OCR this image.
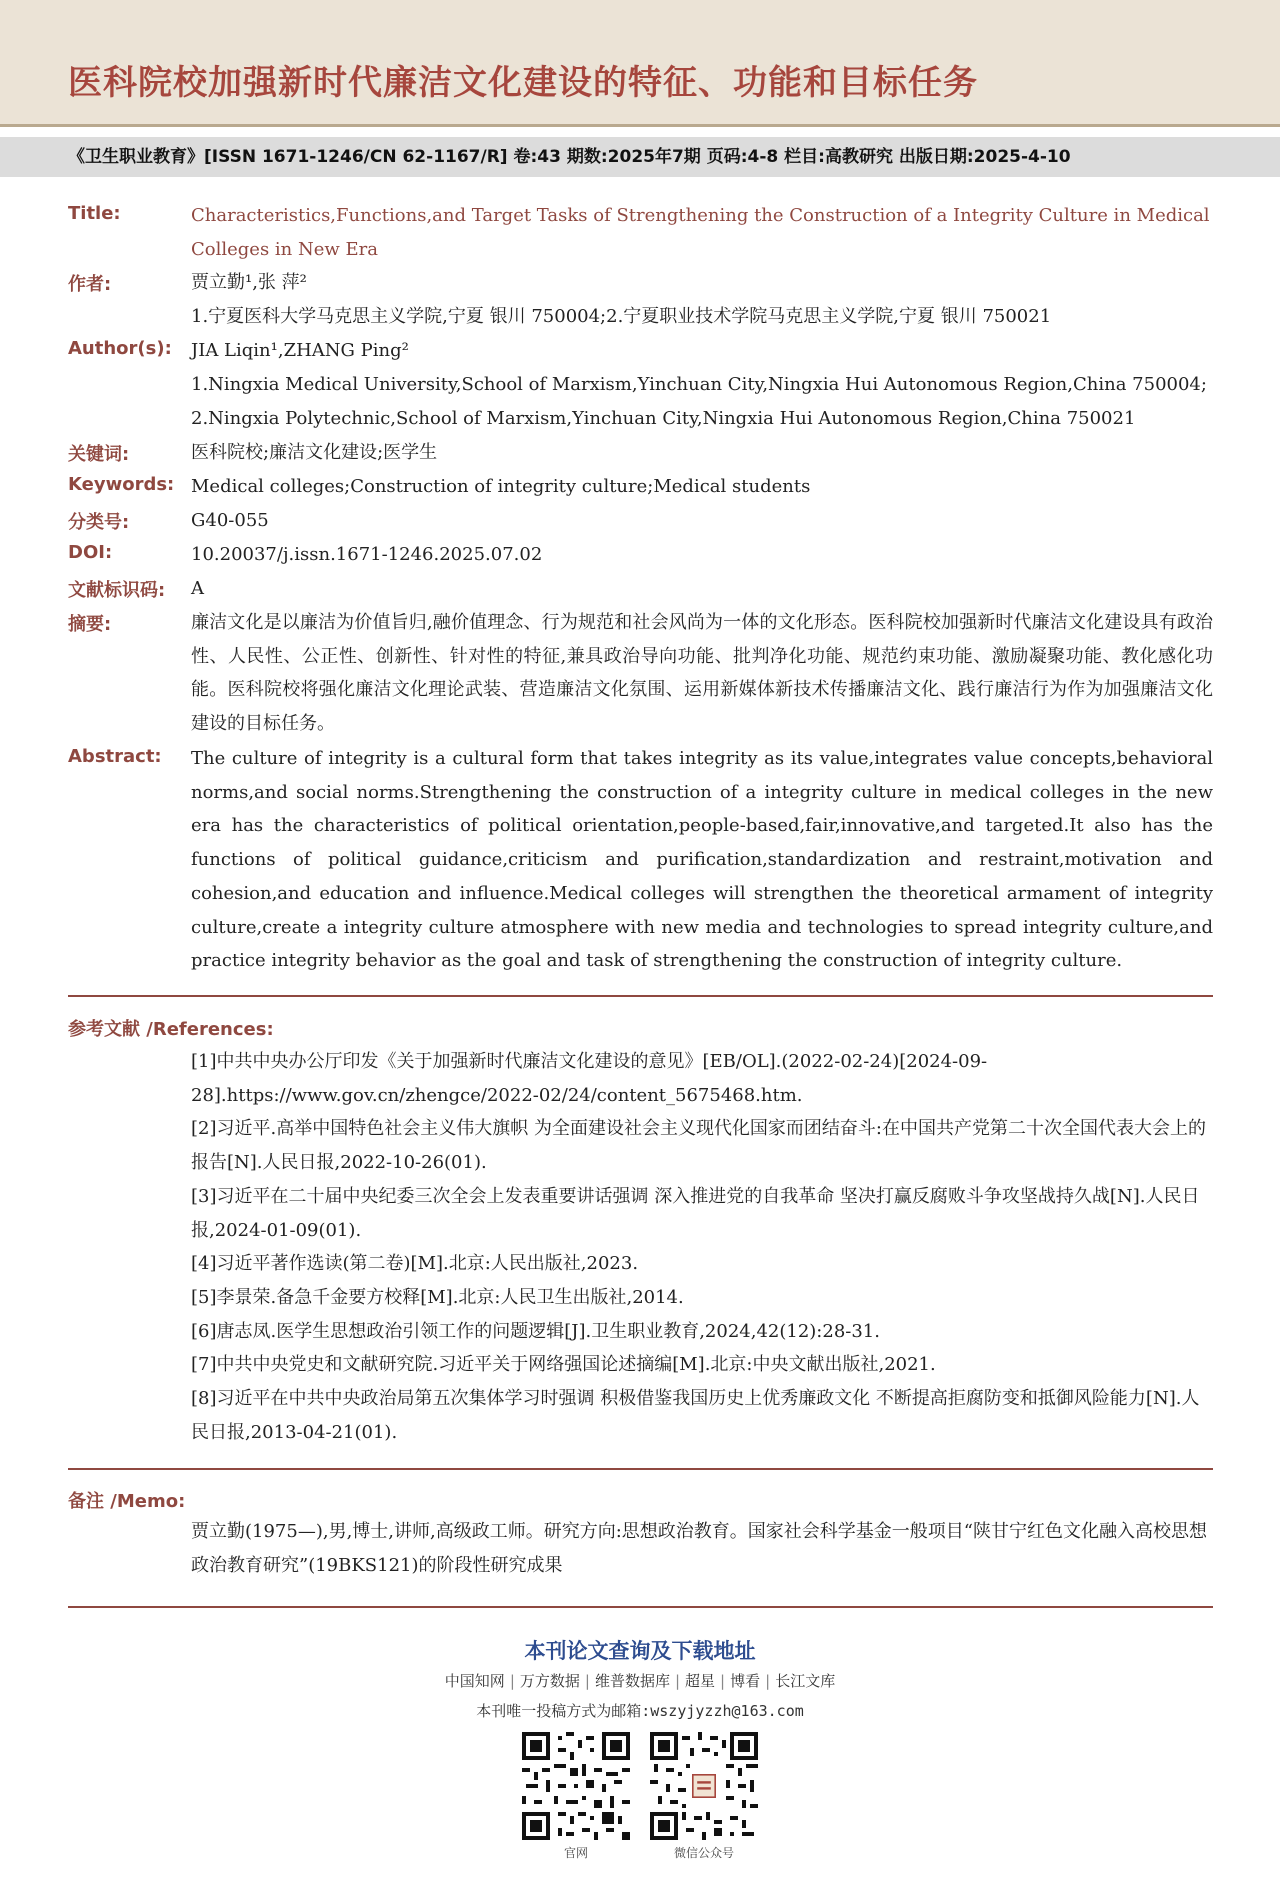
医科院校加强新时代廉洁文化建设的特征、功能和目标任务
《卫生职业教育》[ISSN 1671-1246/CN 62-1167/R] 卷:43 期数:2025年7期 页码:4-8 栏目:高教研究 出版日期:2025-4-10
Title:	Characteristics,Functions,and Target Tasks of Strengthening the Construction of a Integrity Culture in Medical Colleges in New Era
作者:	贾立勤¹,张 萍²
1.宁夏医科大学马克思主义学院,宁夏 银川 750004;2.宁夏职业技术学院马克思主义学院,宁夏 银川 750021
Author(s): JIA Liqin¹,ZHANG Ping²
1.Ningxia Medical University,School of Marxism,Yinchuan City,Ningxia Hui Autonomous Region,China 750004; 2.Ningxia Polytechnic,School of Marxism,Yinchuan City,Ningxia Hui Autonomous Region,China 750021
关键词:	医科院校;廉洁文化建设;医学生
Keywords: Medical colleges;Construction of integrity culture;Medical students
分类号:	G40-055
DOI:	10.20037/j.issn.1671-1246.2025.07.02
文献标识码: A
摘要:	廉洁文化是以廉洁为价值旨归,融价值理念、行为规范和社会风尚为一体的文化形态。医科院校加强新时代廉洁文化建设具有政治性、人民性、公正性、创新性、针对性的特征,兼具政治导向功能、批判净化功能、规范约束功能、激励凝聚功能、教化感化功能。医科院校将强化廉洁文化理论武装、营造廉洁文化氛围、运用新媒体新技术传播廉洁文化、践行廉洁行为作为加强廉洁文化建设的目标任务。
Abstract: The culture of integrity is a cultural form that takes integrity as its value,integrates value concepts,behavioral norms,and social norms.Strengthening the construction of a integrity culture in medical colleges in the new era has the characteristics of political orientation,people-based,fair,innovative,and targeted.It also has the functions of political guidance,criticism and purification,standardization and restraint,motivation and cohesion,and education and influence.Medical colleges will strengthen the theoretical armament of integrity culture,create a integrity culture atmosphere with new media and technologies to spread integrity culture,and practice integrity behavior as the goal and task of strengthening the construction of integrity culture.
参考文献 /References:
[1]中共中央办公厅印发《关于加强新时代廉洁文化建设的意见》[EB/OL].(2022-02-24)[2024-09-28].https://www.gov.cn/zhengce/2022-02/24/content_5675468.htm.
[2]习近平.高举中国特色社会主义伟大旗帜 为全面建设社会主义现代化国家而团结奋斗:在中国共产党第二十次全国代表大会上的报告[N].人民日报,2022-10-26(01).
[3]习近平在二十届中央纪委三次全会上发表重要讲话强调 深入推进党的自我革命 坚决打赢反腐败斗争攻坚战持久战[N].人民日报,2024-01-09(01).
[4]习近平著作选读(第二卷)[M].北京:人民出版社,2023.
[5]李景荣.备急千金要方校释[M].北京:人民卫生出版社,2014.
[6]唐志凤.医学生思想政治引领工作的问题逻辑[J].卫生职业教育,2024,42(12):28-31.
[7]中共中央党史和文献研究院.习近平关于网络强国论述摘编[M].北京:中央文献出版社,2021.
[8]习近平在中共中央政治局第五次集体学习时强调 积极借鉴我国历史上优秀廉政文化 不断提高拒腐防变和抵御风险能力[N].人民日报,2013-04-21(01).
备注 /Memo:
贾立勤(1975—),男,博士,讲师,高级政工师。研究方向:思想政治教育。国家社会科学基金一般项目“陕甘宁红色文化融入高校思想政治教育研究”(19BKS121)的阶段性研究成果
本刊论文查询及下载地址
中国知网 | 万方数据 | 维普数据库 | 超星 | 博看 | 长江文库
本刊唯一投稿方式为邮箱:wszyjyzzh@163.com
官网	微信公众号
